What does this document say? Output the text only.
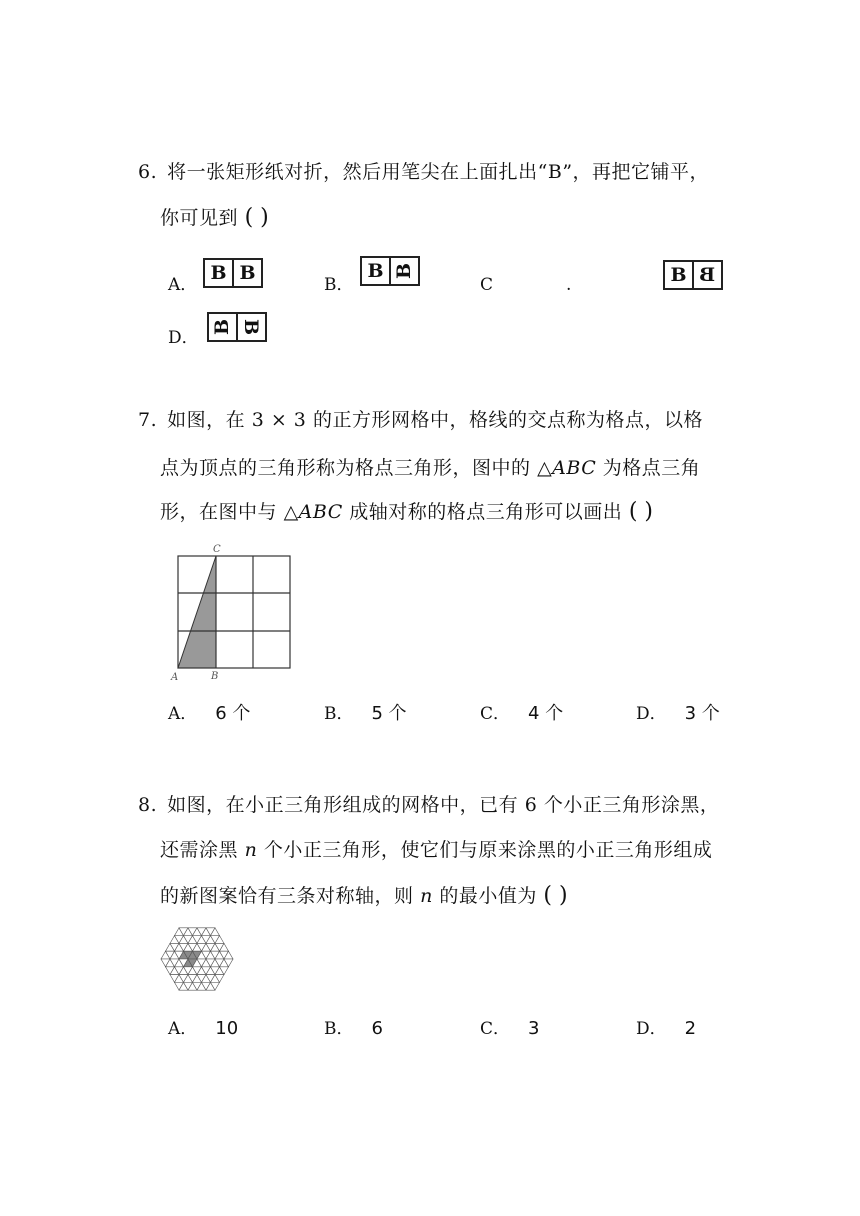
6. 将一张矩形纸对折，然后用笔尖在上面扎出“B”，再把它铺平，
你可见到 ( )
A．
B B
B．
B B
C	.	B B
D．
B B
7. 如图，在 3 × 3 的正方形网格中，格线的交点称为格点，以格
点为顶点的三角形称为格点三角形，图中的 △ABC 为格点三角
形，在图中与 △ABC 成轴对称的格点三角形可以画出 ( )
C
A	B
A． 6 个	B． 5 个	C． 4 个	D． 3 个
8. 如图，在小正三角形组成的网格中，已有 6 个小正三角形涂黑，
还需涂黑 n 个小正三角形，使它们与原来涂黑的小正三角形组成
的新图案恰有三条对称轴，则 n 的最小值为 ( )
A． 10	B． 6	C． 3	D． 2
